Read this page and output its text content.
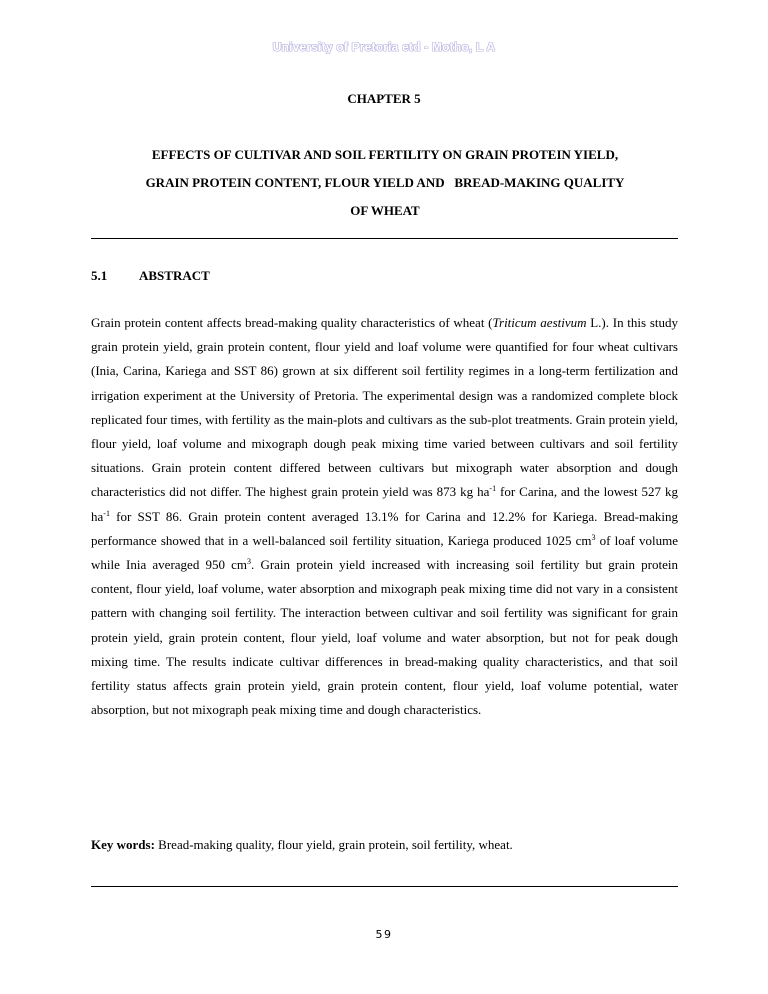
University of Pretoria etd - Motho, L A
CHAPTER 5
EFFECTS OF CULTIVAR AND SOIL FERTILITY ON GRAIN PROTEIN YIELD,
GRAIN PROTEIN CONTENT, FLOUR YIELD AND   BREAD-MAKING QUALITY
OF WHEAT
5.1 ABSTRACT

Grain protein content affects bread-making quality characteristics of wheat (Triticum aestivum L.). In this study grain protein yield, grain protein content, flour yield and loaf volume were quantified for four wheat cultivars (Inia, Carina, Kariega and SST 86) grown at six different soil fertility regimes in a long-term fertilization and irrigation experiment at the University of Pretoria. The experimental design was a randomized complete block replicated four times, with fertility as the main-plots and cultivars as the sub-plot treatments. Grain protein yield, flour yield, loaf volume and mixograph dough peak mixing time varied between cultivars and soil fertility situations. Grain protein content differed between cultivars but mixograph water absorption and dough characteristics did not differ. The highest grain protein yield was 873 kg $ha^{-1}$ for Carina, and the lowest 527 kg $ha^{-1}$ for SST 86. Grain protein content averaged 13.1% for Carina and 12.2% for Kariega. Bread-making performance showed that in a well-balanced soil fertility situation, Kariega produced 1025 $cm^3$ of loaf volume while Inia averaged 950 $cm^3$. Grain protein yield increased with increasing soil fertility but grain protein content, flour yield, loaf volume, water absorption and mixograph peak mixing time did not vary in a consistent pattern with changing soil fertility. The interaction between cultivar and soil fertility was significant for grain protein yield, grain protein content, flour yield, loaf volume and water absorption, but not for peak dough mixing time. The results indicate cultivar differences in bread-making quality characteristics, and that soil fertility status affects grain protein yield, grain protein content, flour yield, loaf volume potential, water absorption, but not mixograph peak mixing time and dough characteristics.

Key words: Bread-making quality, flour yield, grain protein, soil fertility, wheat.
59
